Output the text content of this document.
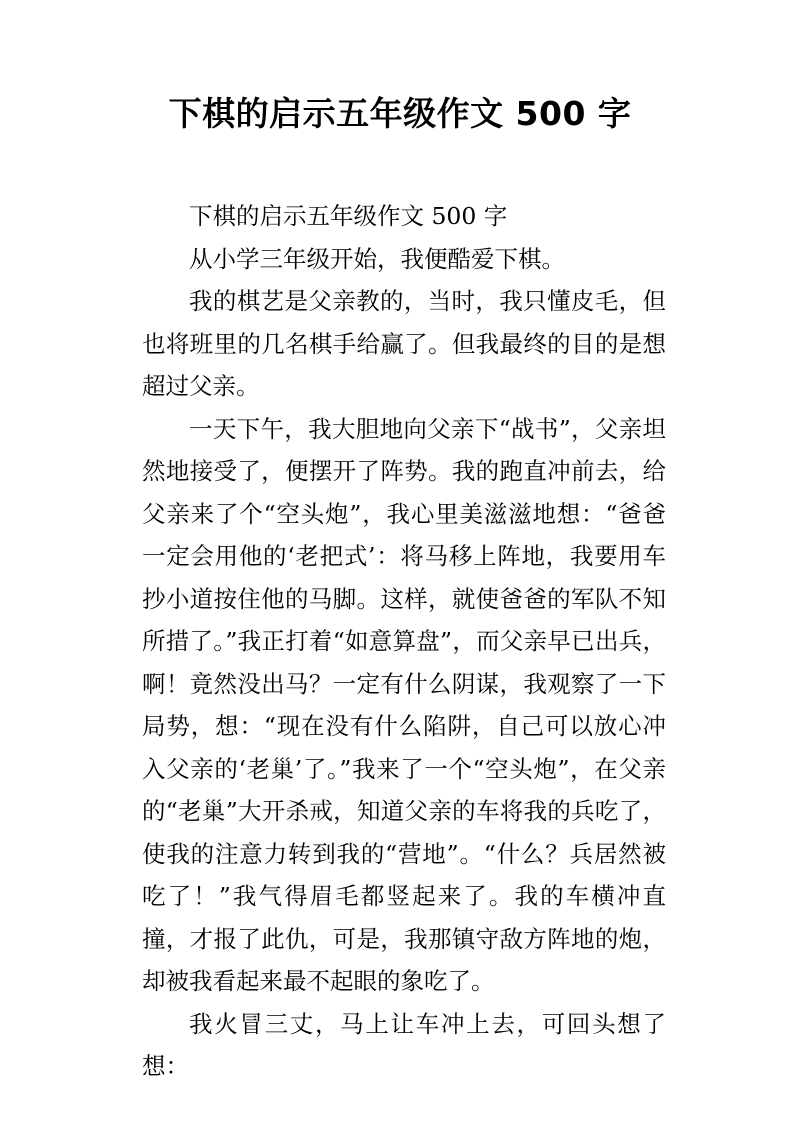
下棋的启示五年级作文 500 字

下棋的启示五年级作文 500 字

从小学三年级开始，我便酷爱下棋。

我的棋艺是父亲教的，当时，我只懂皮毛，但也将班里的几名棋手给赢了。但我最终的目的是想超过父亲。

一天下午，我大胆地向父亲下“战书”，父亲坦然地接受了，便摆开了阵势。我的跑直冲前去，给父亲来了个“空头炮”，我心里美滋滋地想：“爸爸一定会用他的‘老把式’：将马移上阵地，我要用车抄小道按住他的马脚。这样，就使爸爸的军队不知所措了。”我正打着“如意算盘”，而父亲早已出兵，啊！竟然没出马？一定有什么阴谋，我观察了一下局势，想：“现在没有什么陷阱，自己可以放心冲入父亲的‘老巢’了。”我来了一个“空头炮”，在父亲的“老巢”大开杀戒，知道父亲的车将我的兵吃了，使我的注意力转到我的“营地”。“什么？兵居然被吃了！”我气得眉毛都竖起来了。我的车横冲直撞，才报了此仇，可是，我那镇守敌方阵地的炮，却被我看起来最不起眼的象吃了。

我火冒三丈，马上让车冲上去，可回头想了想：
